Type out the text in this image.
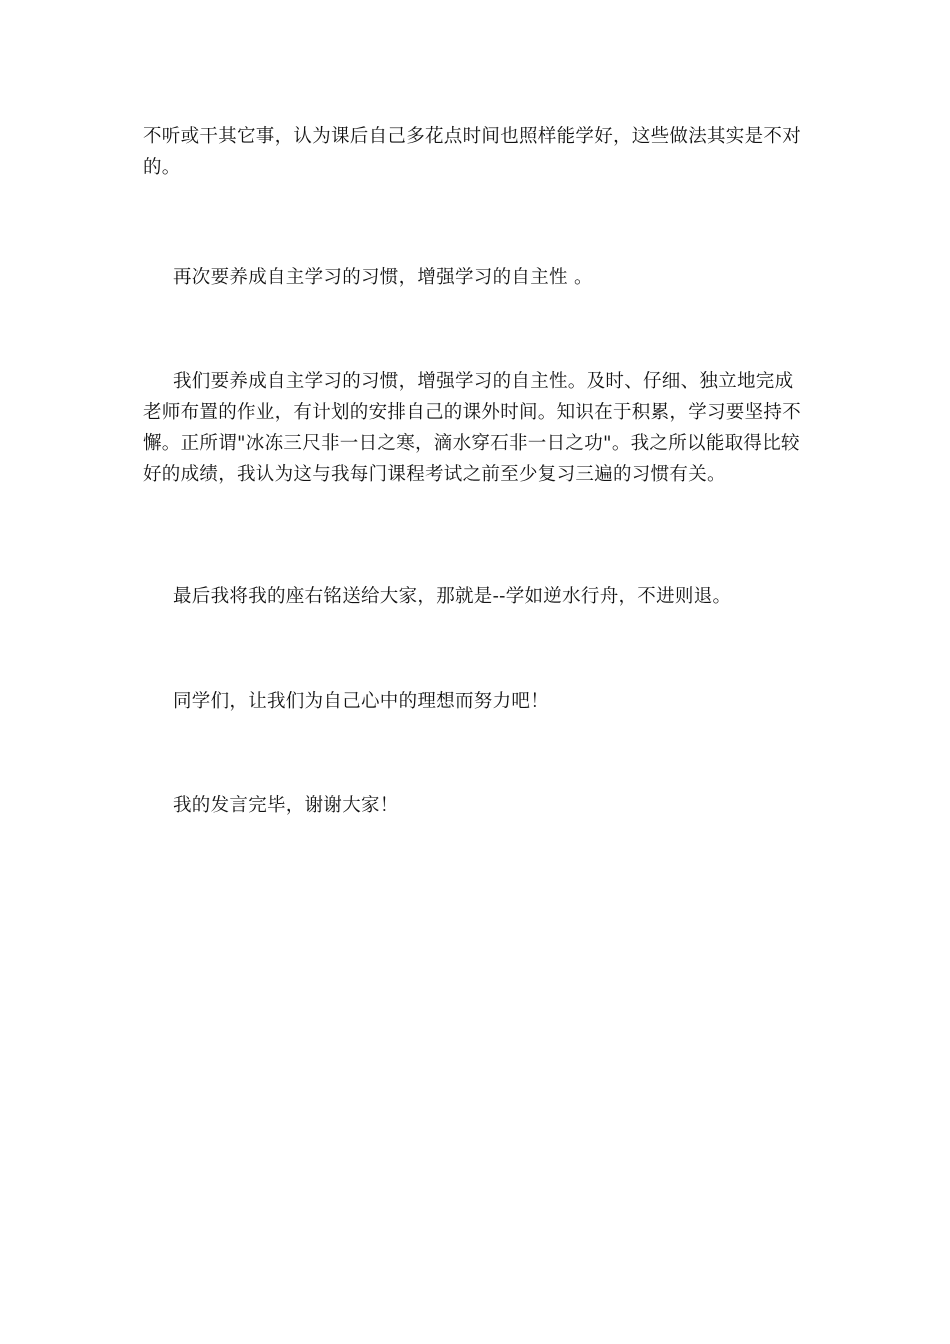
不听或干其它事，认为课后自己多花点时间也照样能学好，这些做法其实是不对的。

再次要养成自主学习的习惯，增强学习的自主性 。

我们要养成自主学习的习惯，增强学习的自主性。及时、仔细、独立地完成老师布置的作业，有计划的安排自己的课外时间。知识在于积累，学习要坚持不懈。正所谓"冰冻三尺非一日之寒，滴水穿石非一日之功"。我之所以能取得比较好的成绩，我认为这与我每门课程考试之前至少复习三遍的习惯有关。

最后我将我的座右铭送给大家，那就是--学如逆水行舟，不进则退。

同学们，让我们为自己心中的理想而努力吧！

我的发言完毕，谢谢大家！
